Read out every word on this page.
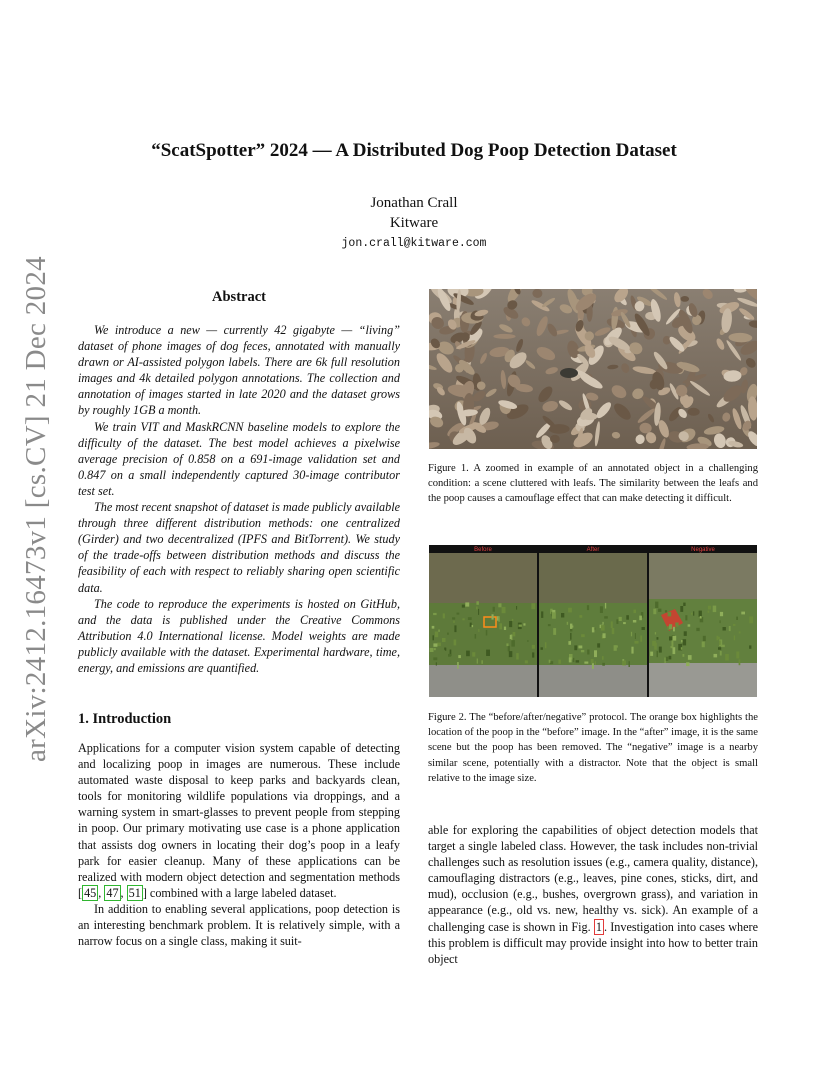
arXiv:2412.16473v1 [cs.CV] 21 Dec 2024
“ScatSpotter” 2024 — A Distributed Dog Poop Detection Dataset
Jonathan Crall
Kitware
jon.crall@kitware.com
Abstract

We introduce a new — currently 42 gigabyte — “living” dataset of phone images of dog feces, annotated with manually drawn or AI-assisted polygon labels. There are 6k full resolution images and 4k detailed polygon annotations. The collection and annotation of images started in late 2020 and the dataset grows by roughly 1GB a month.

We train VIT and MaskRCNN baseline models to explore the difficulty of the dataset. The best model achieves a pixelwise average precision of 0.858 on a 691-image validation set and 0.847 on a small independently captured 30-image contributor test set.

The most recent snapshot of dataset is made publicly available through three different distribution methods: one centralized (Girder) and two decentralized (IPFS and BitTorrent). We study of the trade-offs between distribution methods and discuss the feasibility of each with respect to reliably sharing open scientific data.

The code to reproduce the experiments is hosted on GitHub, and the data is published under the Creative Commons Attribution 4.0 International license. Model weights are made publicly available with the dataset. Experimental hardware, time, energy, and emissions are quantified.

1. Introduction

Applications for a computer vision system capable of detecting and localizing poop in images are numerous. These include automated waste disposal to keep parks and backyards clean, tools for monitoring wildlife populations via droppings, and a warning system in smart-glasses to prevent people from stepping in poop. Our primary motivating use case is a phone application that assists dog owners in locating their dog’s poop in a leafy park for easier cleanup. Many of these applications can be realized with modern object detection and segmentation methods [ 45 , 47 , 51 ] combined with a large labeled dataset.

In addition to enabling several applications, poop detection is an interesting benchmark problem. It is relatively simple, with a narrow focus on a single class, making it suit-

Figure 1. A zoomed in example of an annotated object in a challenging condition: a scene cluttered with leafs. The similarity between the leafs and the poop causes a camouflage effect that can make detecting it difficult.
Before	After	Negative
Figure 2. The “before/after/negative” protocol. The orange box highlights the location of the poop in the “before” image. In the “after” image, it is the same scene but the poop has been removed. The “negative” image is a nearby similar scene, potentially with a distractor. Note that the object is small relative to the image size.

able for exploring the capabilities of object detection models that target a single labeled class. However, the task includes non-trivial challenges such as resolution issues (e.g., camera quality, distance), camouflaging distractors (e.g., leaves, pine cones, sticks, dirt, and mud), occlusion (e.g., bushes, overgrown grass), and variation in appearance (e.g., old vs. new, healthy vs. sick). An example of a challenging case is shown in Fig. 1 . Investigation into cases where this problem is difficult may provide insight into how to better train object
